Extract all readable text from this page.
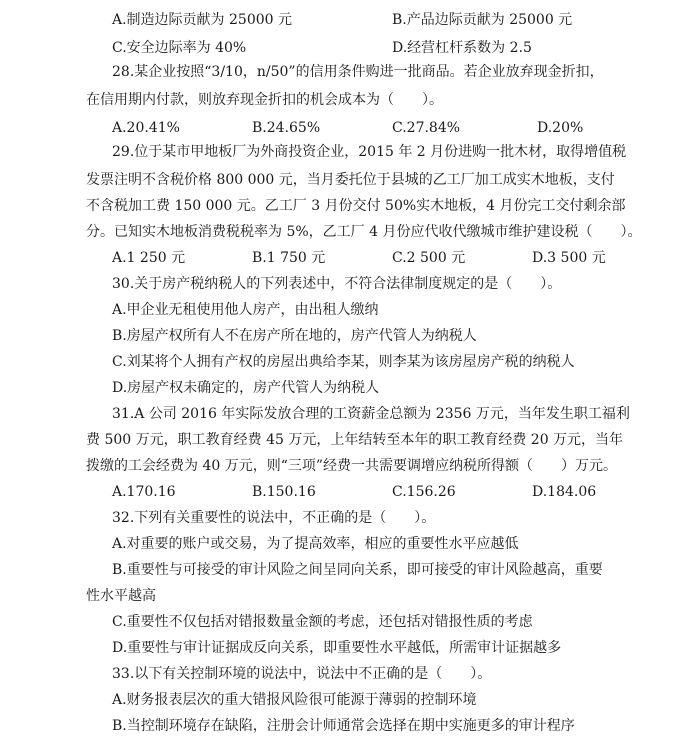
A.制造边际贡献为 25000 元	B.产品边际贡献为 25000 元
C.安全边际率为 40%	D.经营杠杆系数为 2.5
28.某企业按照“3/10，n/50”的信用条件购进一批商品。若企业放弃现金折扣，
在信用期内付款，则放弃现金折扣的机会成本为（　　）。
A.20.41%	B.24.65%	C.27.84%	D.20%
29.位于某市甲地板厂为外商投资企业，2015 年 2 月份进购一批木材，取得增值税
发票注明不含税价格 800 000 元，当月委托位于县城的乙工厂加工成实木地板，支付
不含税加工费 150 000 元。乙工厂 3 月份交付 50%实木地板，4 月份完工交付剩余部
分。已知实木地板消费税税率为 5%，乙工厂 4 月份应代收代缴城市维护建设税（　　）。
A.1 250 元	B.1 750 元	C.2 500 元	D.3 500 元
30.关于房产税纳税人的下列表述中，不符合法律制度规定的是（　　）。
A.甲企业无租使用他人房产，由出租人缴纳
B.房屋产权所有人不在房产所在地的，房产代管人为纳税人
C.刘某将个人拥有产权的房屋出典给李某，则李某为该房屋房产税的纳税人
D.房屋产权未确定的，房产代管人为纳税人
31.A 公司 2016 年实际发放合理的工资薪金总额为 2356 万元，当年发生职工福利
费 500 万元，职工教育经费 45 万元，上年结转至本年的职工教育经费 20 万元，当年
拨缴的工会经费为 40 万元，则“三项”经费一共需要调增应纳税所得额（　　）万元。
A.170.16	B.150.16	C.156.26	D.184.06
32.下列有关重要性的说法中，不正确的是（　　）。
A.对重要的账户或交易，为了提高效率，相应的重要性水平应越低
B.重要性与可接受的审计风险之间呈同向关系，即可接受的审计风险越高，重要
性水平越高
C.重要性不仅包括对错报数量金额的考虑，还包括对错报性质的考虑
D.重要性与审计证据成反向关系，即重要性水平越低，所需审计证据越多
33.以下有关控制环境的说法中，说法中不正确的是（　　）。
A.财务报表层次的重大错报风险很可能源于薄弱的控制环境
B.当控制环境存在缺陷，注册会计师通常会选择在期中实施更多的审计程序
